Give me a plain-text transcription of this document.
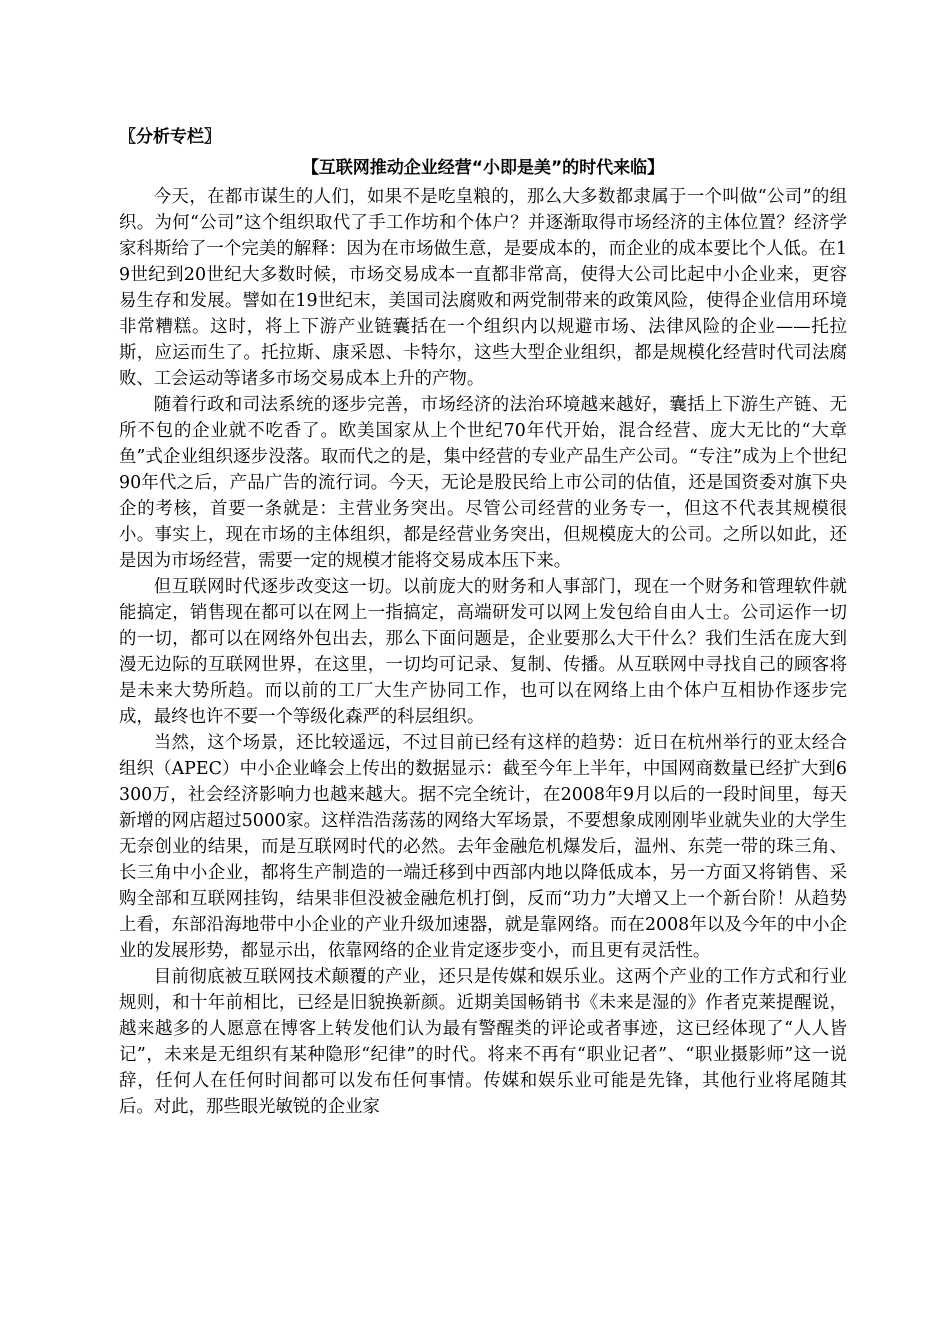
〖分析专栏〗

【互联网推动企业经营“小即是美”的时代来临】

今天，在都市谋生的人们，如果不是吃皇粮的，那么大多数都隶属于一个叫做“公司”的组织。为何“公司”这个组织取代了手工作坊和个体户？并逐渐取得市场经济的主体位置？经济学家科斯给了一个完美的解释：因为在市场做生意，是要成本的，而企业的成本要比个人低。在19世纪到20世纪大多数时候，市场交易成本一直都非常高，使得大公司比起中小企业来，更容易生存和发展。譬如在19世纪末，美国司法腐败和两党制带来的政策风险，使得企业信用环境非常糟糕。这时，将上下游产业链囊括在一个组织内以规避市场、法律风险的企业——托拉斯，应运而生了。托拉斯、康采恩、卡特尔，这些大型企业组织，都是规模化经营时代司法腐败、工会运动等诸多市场交易成本上升的产物。

随着行政和司法系统的逐步完善，市场经济的法治环境越来越好，囊括上下游生产链、无所不包的企业就不吃香了。欧美国家从上个世纪70年代开始，混合经营、庞大无比的“大章鱼”式企业组织逐步没落。取而代之的是，集中经营的专业产品生产公司。“专注”成为上个世纪90年代之后，产品广告的流行词。今天，无论是股民给上市公司的估值，还是国资委对旗下央企的考核，首要一条就是：主营业务突出。尽管公司经营的业务专一，但这不代表其规模很小。事实上，现在市场的主体组织，都是经营业务突出，但规模庞大的公司。之所以如此，还是因为市场经营，需要一定的规模才能将交易成本压下来。

但互联网时代逐步改变这一切。以前庞大的财务和人事部门，现在一个财务和管理软件就能搞定，销售现在都可以在网上一指搞定，高端研发可以网上发包给自由人士。公司运作一切的一切，都可以在网络外包出去，那么下面问题是，企业要那么大干什么？我们生活在庞大到漫无边际的互联网世界，在这里，一切均可记录、复制、传播。从互联网中寻找自己的顾客将是未来大势所趋。而以前的工厂大生产协同工作，也可以在网络上由个体户互相协作逐步完成，最终也许不要一个等级化森严的科层组织。

当然，这个场景，还比较遥远，不过目前已经有这样的趋势：近日在杭州举行的亚太经合组织（APEC）中小企业峰会上传出的数据显示：截至今年上半年，中国网商数量已经扩大到6300万，社会经济影响力也越来越大。据不完全统计，在2008年9月以后的一段时间里，每天新增的网店超过5000家。这样浩浩荡荡的网络大军场景，不要想象成刚刚毕业就失业的大学生无奈创业的结果，而是互联网时代的必然。去年金融危机爆发后，温州、东莞一带的珠三角、长三角中小企业，都将生产制造的一端迁移到中西部内地以降低成本，另一方面又将销售、采购全部和互联网挂钩，结果非但没被金融危机打倒，反而“功力”大增又上一个新台阶！从趋势上看，东部沿海地带中小企业的产业升级加速器，就是靠网络。而在2008年以及今年的中小企业的发展形势，都显示出，依靠网络的企业肯定逐步变小，而且更有灵活性。

目前彻底被互联网技术颠覆的产业，还只是传媒和娱乐业。这两个产业的工作方式和行业规则，和十年前相比，已经是旧貌换新颜。近期美国畅销书《未来是湿的》作者克莱提醒说，越来越多的人愿意在博客上转发他们认为最有警醒类的评论或者事迹，这已经体现了“人人皆记”，未来是无组织有某种隐形“纪律”的时代。将来不再有“职业记者”、“职业摄影师”这一说辞，任何人在任何时间都可以发布任何事情。传媒和娱乐业可能是先锋，其他行业将尾随其后。对此，那些眼光敏锐的企业家
